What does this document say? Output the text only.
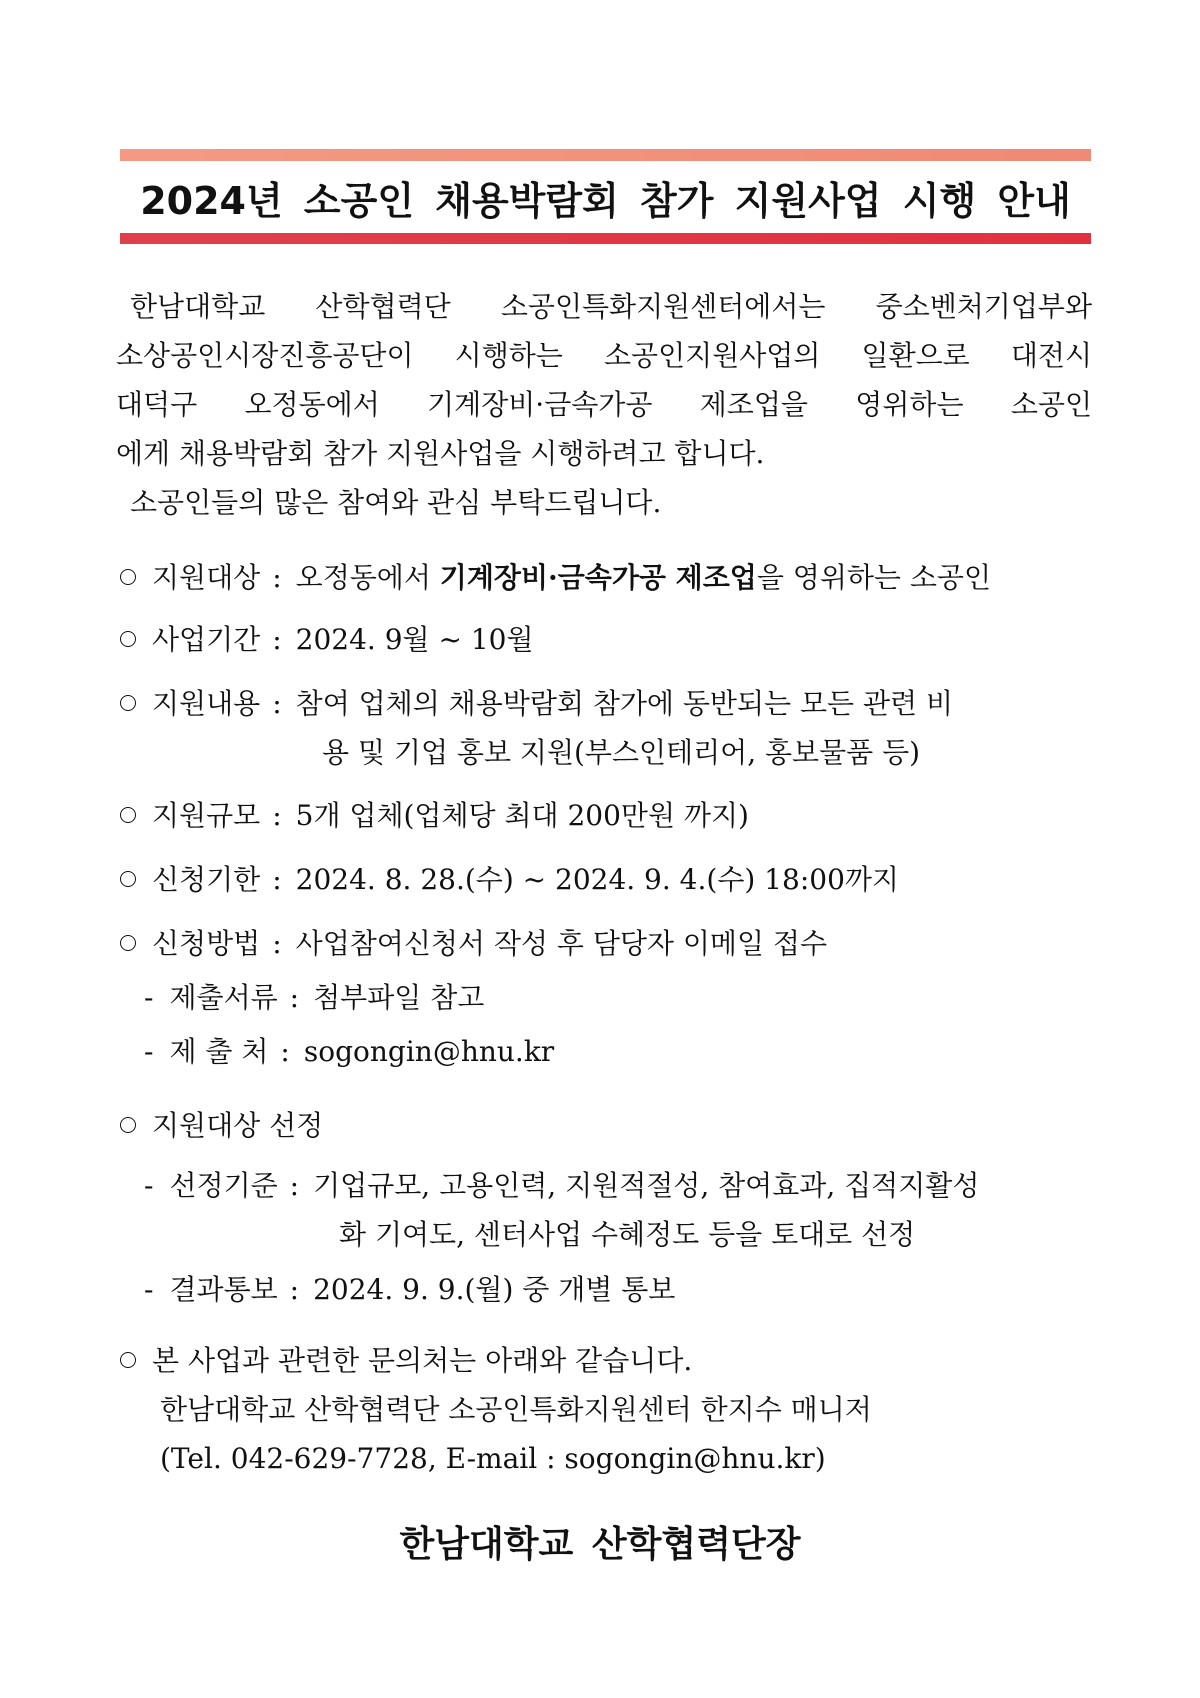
2024년 소공인 채용박람회 참가 지원사업 시행 안내
한남대학교 산학협력단 소공인특화지원센터에서는 중소벤처기업부와
소상공인시장진흥공단이 시행하는 소공인지원사업의 일환으로 대전시
대덕구 오정동에서 기계장비·금속가공 제조업을 영위하는 소공인
에게 채용박람회 참가 지원사업을 시행하려고 합니다.
소공인들의 많은 참여와 관심 부탁드립니다.
지원대상 : 오정동에서 기계장비·금속가공 제조업을 영위하는 소공인
사업기간 : 2024. 9월 ~ 10월
지원내용 : 참여 업체의 채용박람회 참가에 동반되는 모든 관련 비
용 및 기업 홍보 지원(부스인테리어, 홍보물품 등)
지원규모 : 5개 업체(업체당 최대 200만원 까지)
신청기한 : 2024. 8. 28.(수) ~ 2024. 9. 4.(수) 18:00까지
신청방법 : 사업참여신청서 작성 후 담당자 이메일 접수
- 제출서류 : 첨부파일 참고
- 제 출 처 : sogongin@hnu.kr
지원대상 선정
- 선정기준 : 기업규모, 고용인력, 지원적절성, 참여효과, 집적지활성
화 기여도, 센터사업 수혜정도 등을 토대로 선정
- 결과통보 : 2024. 9. 9.(월) 중 개별 통보
본 사업과 관련한 문의처는 아래와 같습니다.
한남대학교 산학협력단 소공인특화지원센터 한지수 매니저
(Tel. 042-629-7728, E-mail : sogongin@hnu.kr)
한남대학교 산학협력단장
